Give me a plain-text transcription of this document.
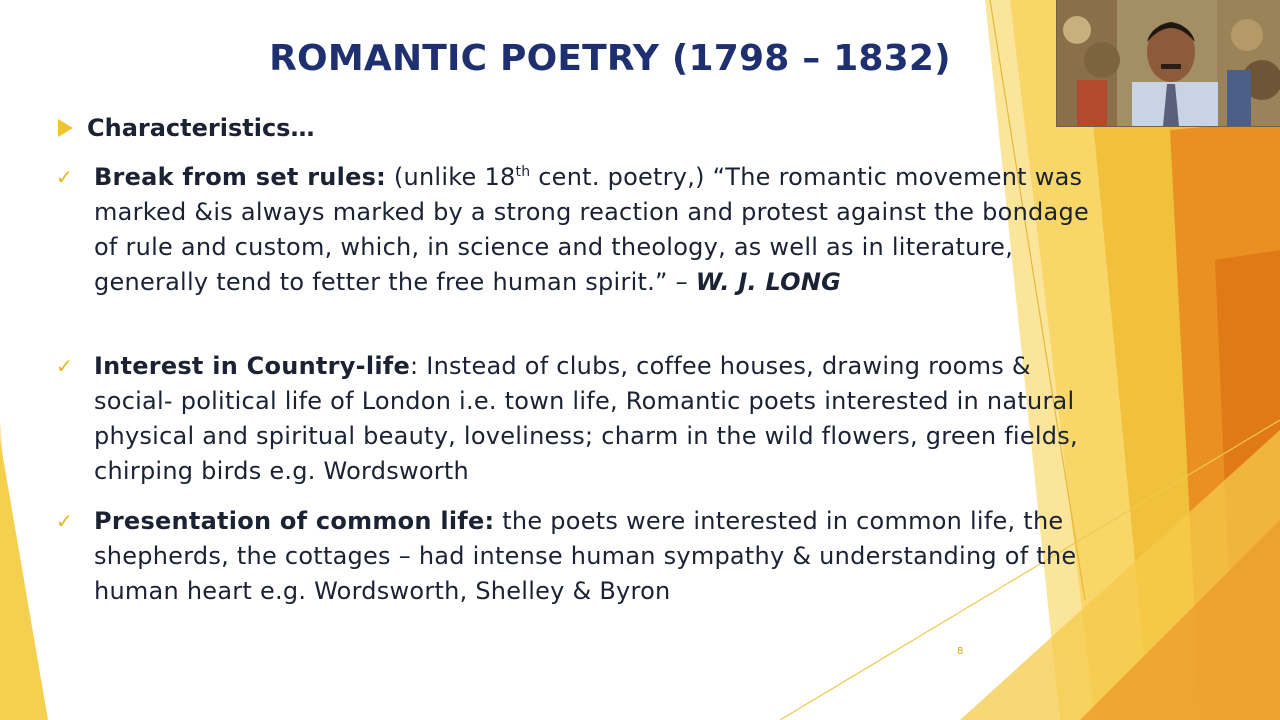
ROMANTIC POETRY (1798 – 1832)
Characteristics…
✓ Break from set rules: (unlike 18th cent. poetry,) “The romantic movement was marked &is always marked by a strong reaction and protest against the bondage of rule and custom, which, in science and theology, as well as in literature, generally tend to fetter the free human spirit.” – W. J. LONG
✓ Interest in Country-life: Instead of clubs, coffee houses, drawing rooms & social- political life of London i.e. town life, Romantic poets interested in natural physical and spiritual beauty, loveliness; charm in the wild flowers, green fields, chirping birds e.g. Wordsworth
✓ Presentation of common life: the poets were interested in common life, the shepherds, the cottages – had intense human sympathy & understanding of the human heart e.g. Wordsworth, Shelley & Byron
8
